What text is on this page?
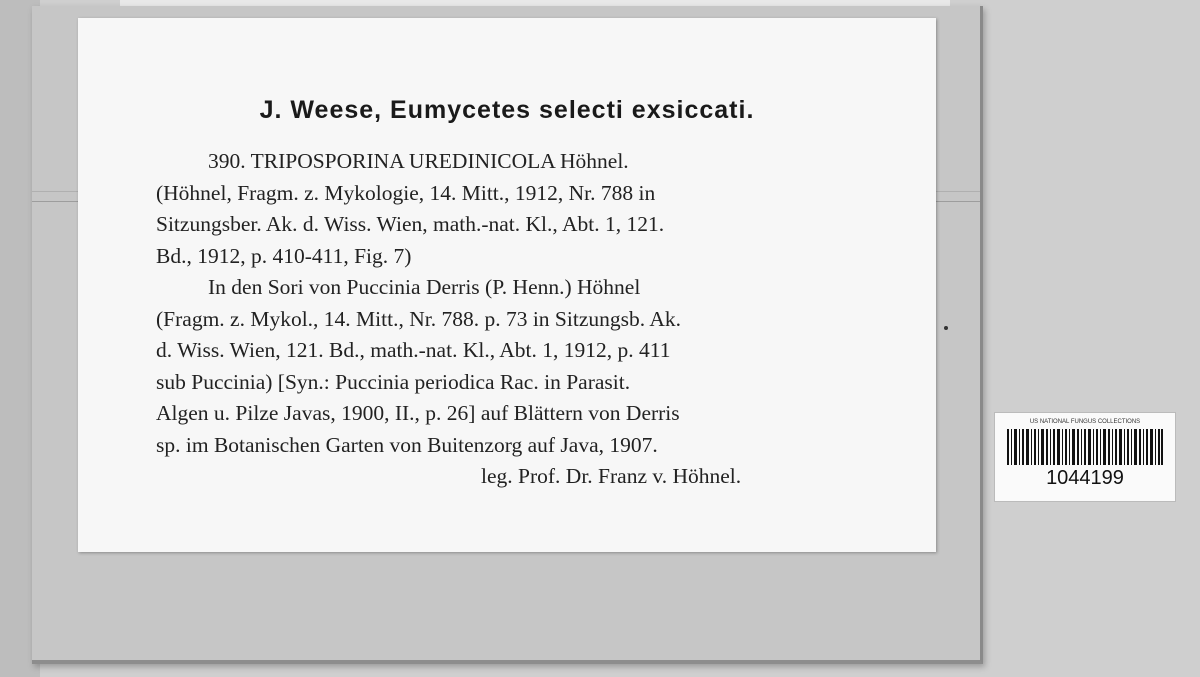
J. Weese, Eumycetes selecti exsiccati.
390. TRIPOSPORINA UREDINICOLA Höhnel.
(Höhnel, Fragm. z. Mykologie, 14. Mitt., 1912, Nr. 788 in
Sitzungsber. Ak. d. Wiss. Wien, math.-nat. Kl., Abt. 1, 121.
Bd., 1912, p. 410-411, Fig. 7)
In den Sori von Puccinia Derris (P. Henn.) Höhnel
(Fragm. z. Mykol., 14. Mitt., Nr. 788. p. 73 in Sitzungsb. Ak.
d. Wiss. Wien, 121. Bd., math.-nat. Kl., Abt. 1, 1912, p. 411
sub Puccinia) [Syn.: Puccinia periodica Rac. in Parasit.
Algen u. Pilze Javas, 1900, II., p. 26] auf Blättern von Derris
sp. im Botanischen Garten von Buitenzorg auf Java, 1907.
leg. Prof. Dr. Franz v. Höhnel.
US NATIONAL FUNGUS COLLECTIONS
1044199
